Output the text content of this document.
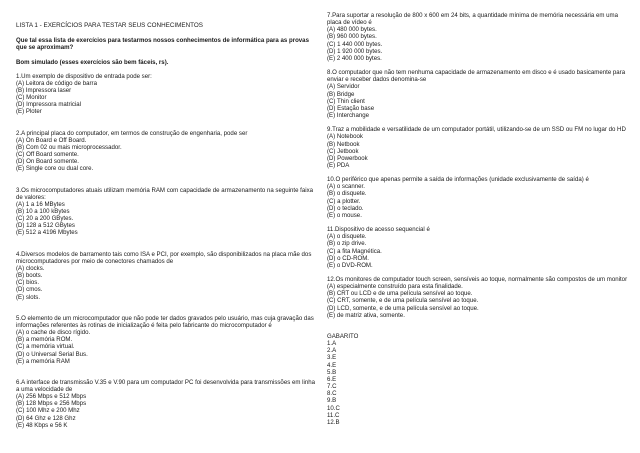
LISTA 1 - EXERCÍCIOS PARA TESTAR SEUS CONHECIMENTOS
Que tal essa lista de exercícios para testarmos nossos conhecimentos de informática para as provas que se aproximam?
Bom simulado (esses exercícios são bem fáceis, rs).
1.Um exemplo de dispositivo de entrada pode ser:
(A) Leitora de código de barra
(B) Impressora laser
(C) Monitor
(D) Impressora matricial
(E) Ploter
2.A principal placa do computador, em termos de construção de engenharia, pode ser
(A) On Board e Off Board.
(B) Com 02 ou mais microprocessador.
(C) Off Board somente.
(D) On Board somente.
(E) Single core ou dual core.
3.Os microcomputadores atuais utilizam memória RAM com capacidade de armazenamento na seguinte faixa de valores:
(A) 1 a 16 MBytes
(B) 10 a 100 kBytes
(C) 20 a 200 GBytes.
(D) 128 a 512 GBytes
(E) 512 a 4196 Mbytes
4.Diversos modelos de barramento tais como ISA e PCI, por exemplo, são disponibilizados na placa mãe dos microcomputadores por meio de conectores chamados de
(A) clocks.
(B) boots.
(C) bios.
(D) cmos.
(E) slots.
5.O elemento de um microcomputador que não pode ter dados gravados pelo usuário, mas cuja gravação das informações referentes às rotinas de inicialização é feita pelo fabricante do microcomputador é
(A) o cache de disco rígido.
(B) a memória ROM.
(C) a memória virtual.
(D) o Universal Serial Bus.
(E) a memória RAM
6.A interface de transmissão V.35 e V.90 para um computador PC foi desenvolvida para transmissões em linha a uma velocidade de
(A) 256 Mbps e 512 Mbps
(B) 128 Mbps e 256 Mbps
(C) 100 Mhz e 200 Mhz
(D) 64 Ghz e 128 Ghz
(E) 48 Kbps e 56 K
7.Para suportar a resolução de 800 x 600 em 24 bits, a quantidade mínima de memória necessária em uma placa de vídeo é
(A) 480 000 bytes.
(B) 960 000 bytes.
(C) 1 440 000 bytes.
(D) 1 920 000 bytes.
(E) 2 400 000 bytes.
8.O computador que não tem nenhuma capacidade de armazenamento em disco e é usado basicamente para enviar e receber dados denomina-se
(A) Servidor
(B) Bridge
(C) Thin client
(D) Estação base
(E) Interchange
9.Traz a mobilidade e versatilidade de um computador portátil, utilizando-se de um SSD ou FM no lugar do HD
(A) Notebook
(B) Netbook
(C) Jetbook
(D) Powerbook
(E) PDA
10.O periférico que apenas permite a saída de informações (unidade exclusivamente de saída) é
(A) o scanner.
(B) o disquete.
(C) a plotter.
(D) o teclado.
(E) o mouse.
11.Dispositivo de acesso sequencial é
(A) o disquete.
(B) o zip drive.
(C) a fita Magnética.
(D) o CD-ROM.
(E) o DVD-ROM.
12.Os monitores de computador touch screen, sensíveis ao toque, normalmente são compostos de um monitor
(A) especialmente construído para esta finalidade.
(B) CRT ou LCD e de uma película sensível ao toque.
(C) CRT, somente, e de uma película sensível ao toque.
(D) LCD, somente, e de uma película sensível ao toque.
(E) de matriz ativa, somente.
GABARITO
1.A
2.A
3.E
4.E
5.B
6.E
7.C
8.C
9.B
10.C
11.C
12.B
